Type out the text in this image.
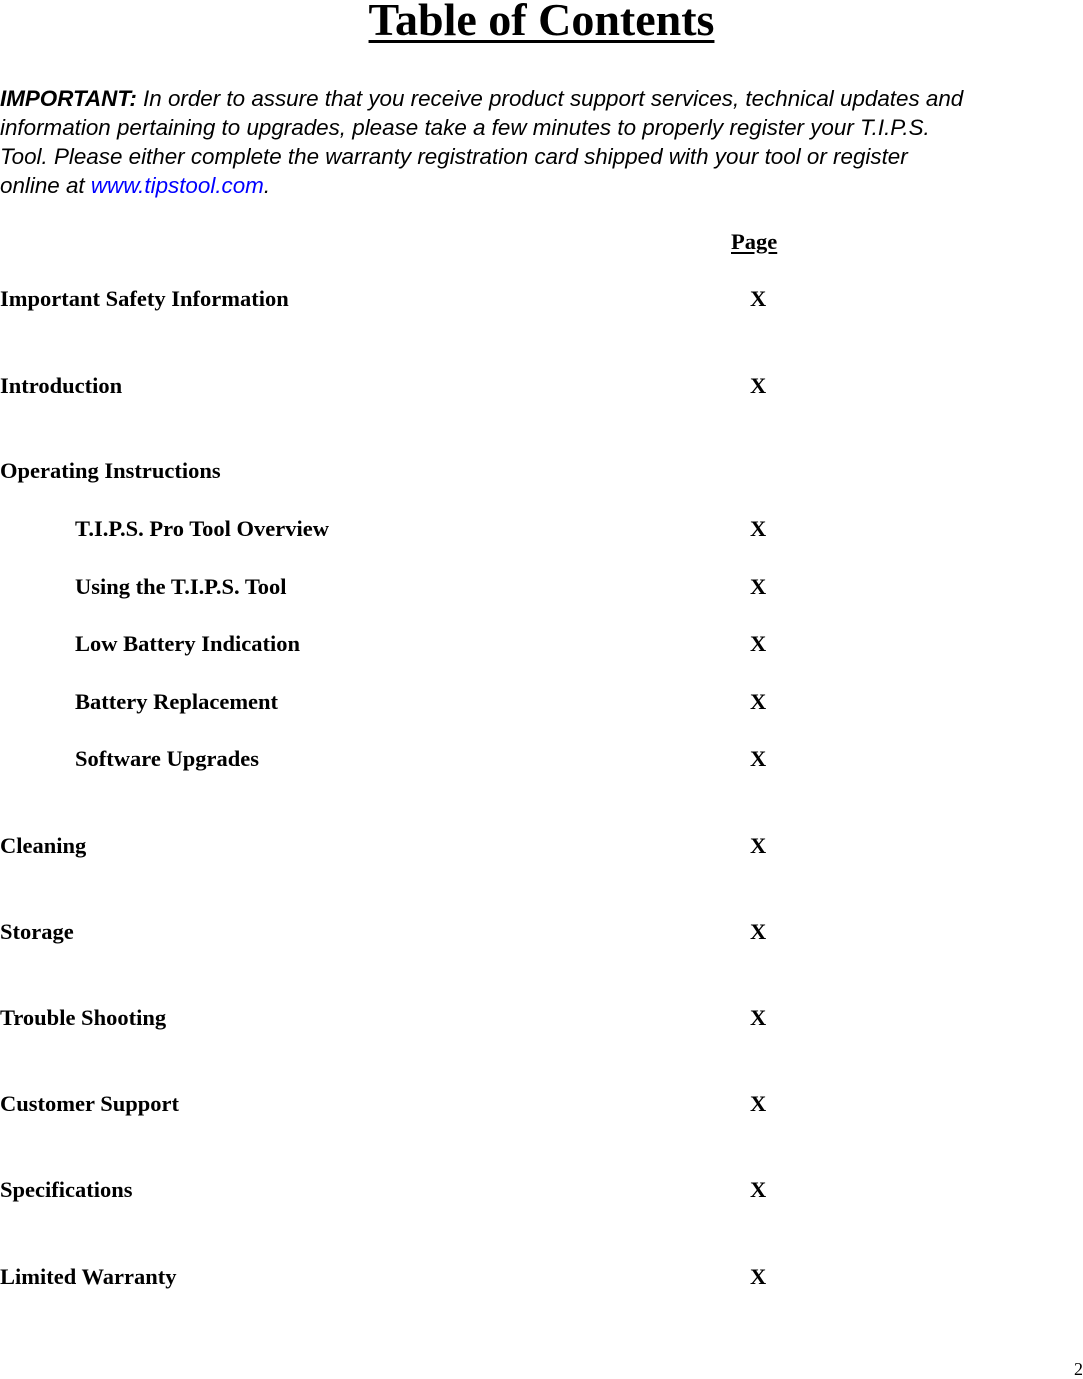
Table of Contents

IMPORTANT: In order to assure that you receive product support services, technical updates and
information pertaining to upgrades, please take a few minutes to properly register your T.I.P.S.
Tool. Please either complete the warranty registration card shipped with your tool or register
online at www.tipstool.com.

Page
Important Safety Information	X
Introduction	X
Operating Instructions
T.I.P.S. Pro Tool Overview	X
Using the T.I.P.S. Tool	X
Low Battery Indication	X
Battery Replacement	X
Software Upgrades	X
Cleaning	X
Storage	X
Trouble Shooting	X
Customer Support	X
Specifications	X
Limited Warranty	X
2
